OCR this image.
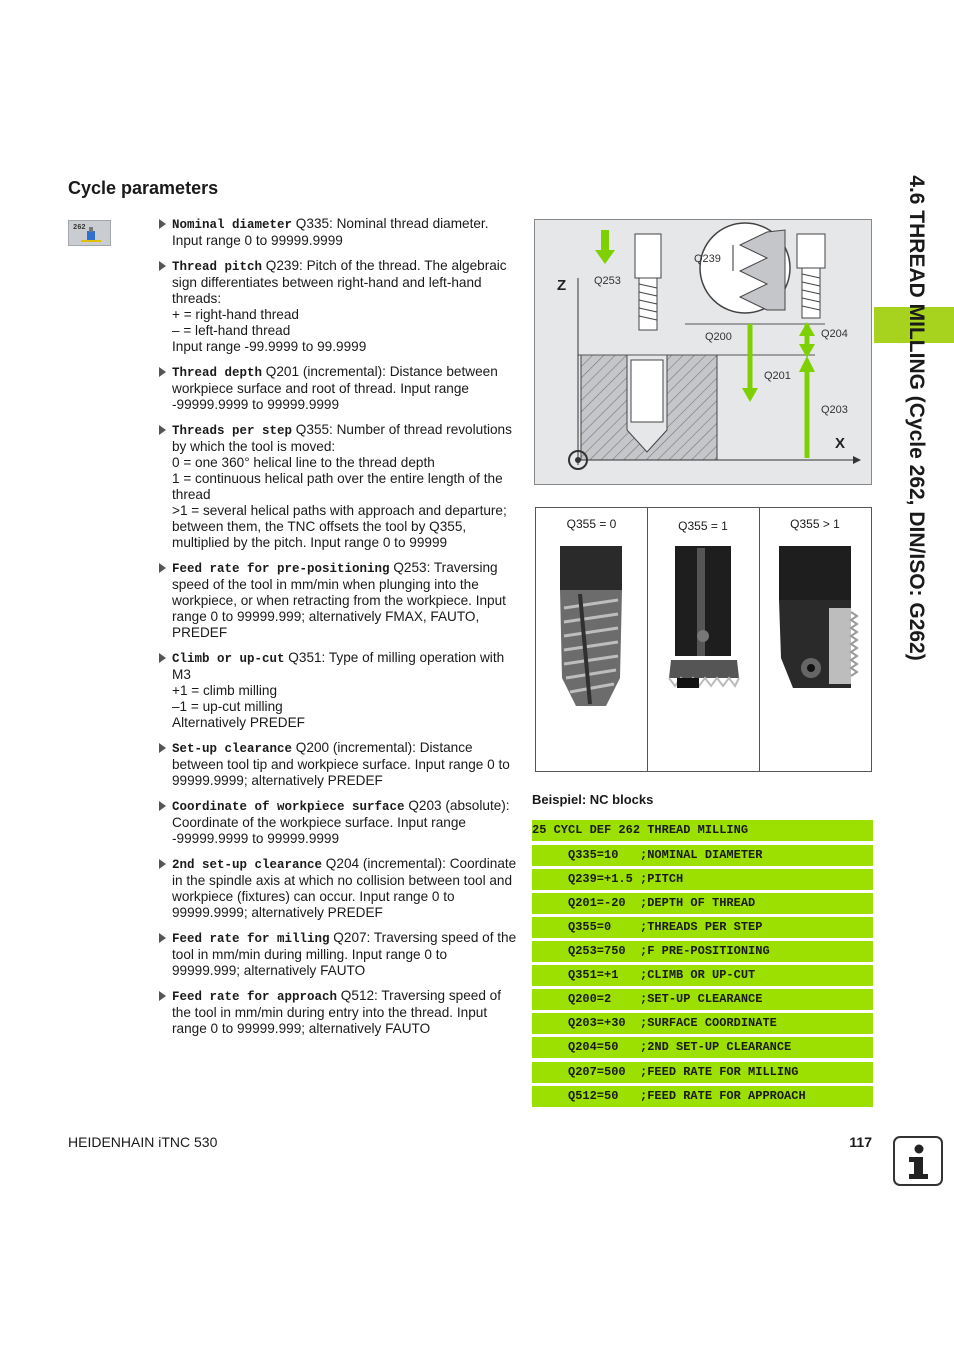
Cycle parameters
262	Nominal diameter Q335: Nominal thread diameter. Input range 0 to 99999.9999
Thread pitch Q239: Pitch of the thread. The algebraic sign differentiates between right-hand and left-hand threads:
+ = right-hand thread
– = left-hand thread
Input range -99.9999 to 99.9999
Thread depth Q201 (incremental): Distance between workpiece surface and root of thread. Input range -99999.9999 to 99999.9999
Threads per step Q355: Number of thread revolutions by which the tool is moved:
0 = one 360° helical line to the thread depth
1 = continuous helical path over the entire length of the thread
>1 = several helical paths with approach and departure; between them, the TNC offsets the tool by Q355, multiplied by the pitch. Input range 0 to 99999
Feed rate for pre-positioning Q253: Traversing speed of the tool in mm/min when plunging into the workpiece, or when retracting from the workpiece. Input range 0 to 99999.999; alternatively FMAX, FAUTO, PREDEF
Climb or up-cut Q351: Type of milling operation with M3
+1 = climb milling
–1 = up-cut milling
Alternatively PREDEF
Set-up clearance Q200 (incremental): Distance between tool tip and workpiece surface. Input range 0 to 99999.9999; alternatively PREDEF
Coordinate of workpiece surface Q203 (absolute): Coordinate of the workpiece surface. Input range -99999.9999 to 99999.9999
2nd set-up clearance Q204 (incremental): Coordinate in the spindle axis at which no collision between tool and workpiece (fixtures) can occur. Input range 0 to 99999.9999; alternatively PREDEF
Feed rate for milling Q207: Traversing speed of the tool in mm/min during milling. Input range 0 to 99999.999; alternatively FAUTO
Feed rate for approach Q512: Traversing speed of the tool in mm/min during entry into the thread. Input range 0 to 99999.999; alternatively FAUTO
Z
X
Q253
Q239
Q200	Q204
Q201
Q203
Q355 = 0	Q355 = 1	Q355 > 1	4.6 THREAD MILLING (Cycle 262, DIN/ISO: G262)
Beispiel: NC blocks
25 CYCL DEF 262 THREAD MILLING
Q335=10   ;NOMINAL DIAMETER
Q239=+1.5 ;PITCH
Q201=-20  ;DEPTH OF THREAD
Q355=0    ;THREADS PER STEP
Q253=750  ;F PRE-POSITIONING
Q351=+1   ;CLIMB OR UP-CUT
Q200=2    ;SET-UP CLEARANCE
Q203=+30  ;SURFACE COORDINATE
Q204=50   ;2ND SET-UP CLEARANCE
Q207=500  ;FEED RATE FOR MILLING
Q512=50   ;FEED RATE FOR APPROACH
HEIDENHAIN iTNC 530	117
